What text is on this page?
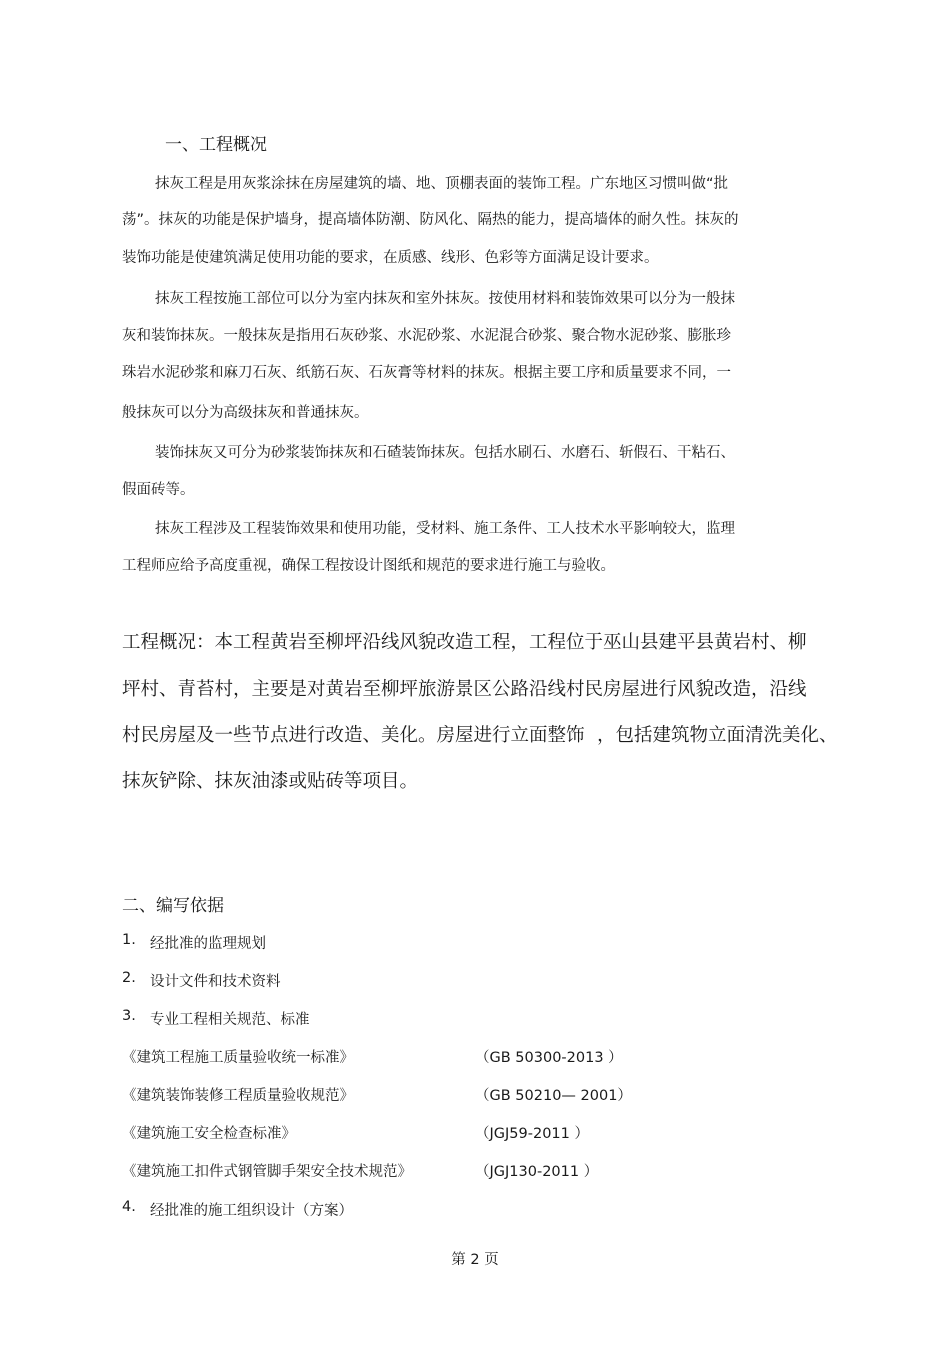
一、工程概况
抹灰工程是用灰浆涂抹在房屋建筑的墙、地、顶棚表面的装饰工程。广东地区习惯叫做“批
荡”。抹灰的功能是保护墙身，提高墙体防潮、防风化、隔热的能力，提高墙体的耐久性。抹灰的
装饰功能是使建筑满足使用功能的要求，在质感、线形、色彩等方面满足设计要求。
抹灰工程按施工部位可以分为室内抹灰和室外抹灰。按使用材料和装饰效果可以分为一般抹
灰和装饰抹灰。一般抹灰是指用石灰砂浆、水泥砂浆、水泥混合砂浆、聚合物水泥砂浆、膨胀珍
珠岩水泥砂浆和麻刀石灰、纸筋石灰、石灰膏等材料的抹灰。根据主要工序和质量要求不同，一
般抹灰可以分为高级抹灰和普通抹灰。
装饰抹灰又可分为砂浆装饰抹灰和石碴装饰抹灰。包括水刷石、水磨石、斩假石、干粘石、
假面砖等。
抹灰工程涉及工程装饰效果和使用功能，受材料、施工条件、工人技术水平影响较大，监理
工程师应给予高度重视，确保工程按设计图纸和规范的要求进行施工与验收。
工程概况：本工程黄岩至柳坪沿线风貌改造工程，工程位于巫山县建平县黄岩村、柳
坪村、青苔村，主要是对黄岩至柳坪旅游景区公路沿线村民房屋进行风貌改造，沿线
村民房屋及一些节点进行改造、美化。房屋进行立面整饰 ，包括建筑物立面清洗美化、
抹灰铲除、抹灰油漆或贴砖等项目。
二、编写依据
1. 经批准的监理规划
2. 设计文件和技术资料
3. 专业工程相关规范、标准
《建筑工程施工质量验收统一标准》	（GB 50300-2013 ）
《建筑装饰装修工程质量验收规范》	（GB 50210— 2001）
《建筑施工安全检查标准》	（JGJ59-2011 ）
《建筑施工扣件式钢管脚手架安全技术规范》	（JGJ130-2011 ）
4. 经批准的施工组织设计（方案）
第 2 页
